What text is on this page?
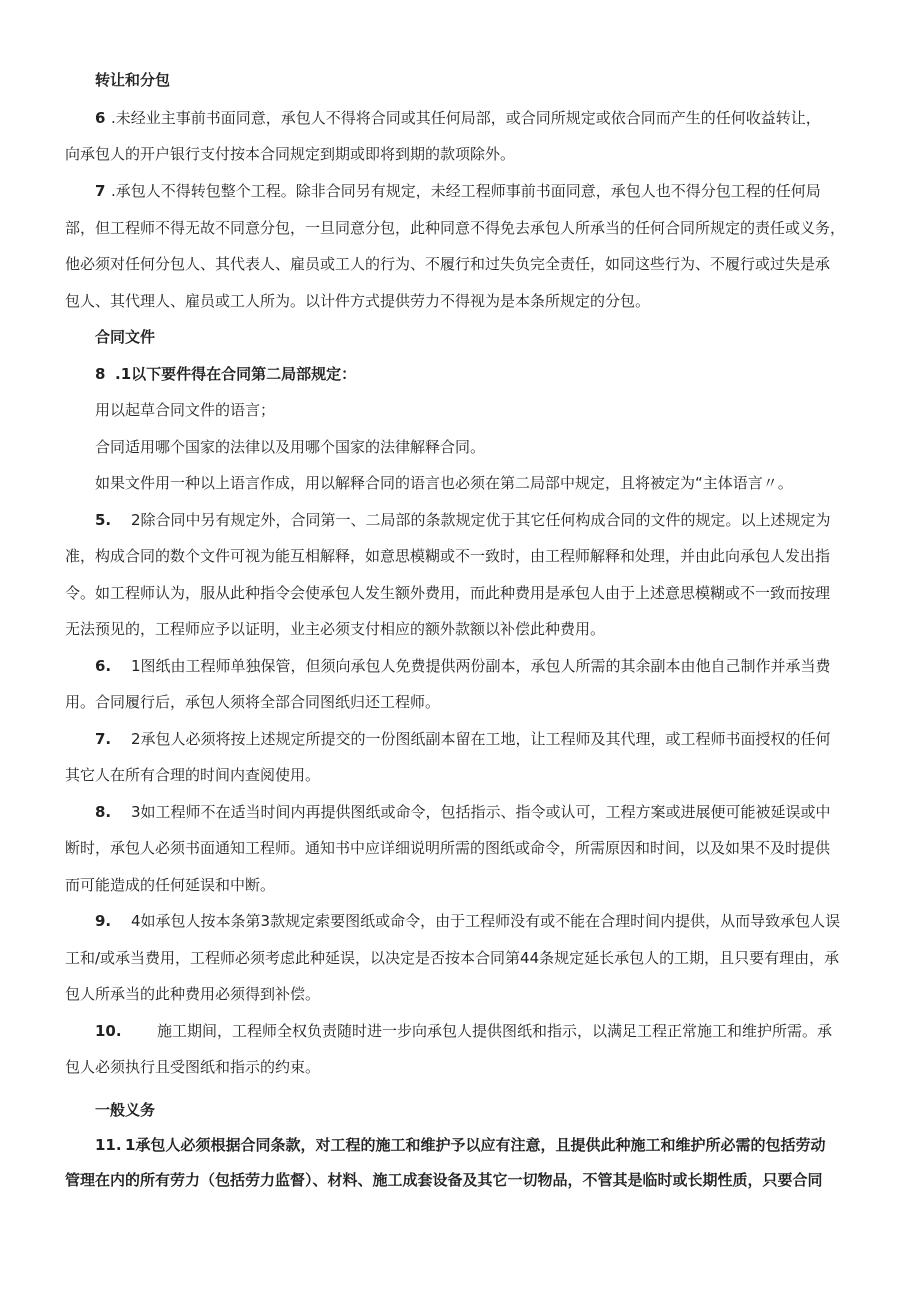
转让和分包
6 .未经业主事前书面同意，承包人不得将合同或其任何局部，或合同所规定或依合同而产生的任何收益转让，
向承包人的开户银行支付按本合同规定到期或即将到期的款项除外。
7 .承包人不得转包整个工程。除非合同另有规定，未经工程师事前书面同意，承包人也不得分包工程的任何局
部，但工程师不得无故不同意分包，一旦同意分包，此种同意不得免去承包人所承当的任何合同所规定的责任或义务，
他必须对任何分包人、其代表人、雇员或工人的行为、不履行和过失负完全责任，如同这些行为、不履行或过失是承
包人、其代理人、雇员或工人所为。以计件方式提供劳力不得视为是本条所规定的分包。
合同文件
8 .1以下要件得在合同第二局部规定：
用以起草合同文件的语言；
合同适用哪个国家的法律以及用哪个国家的法律解释合同。
如果文件用一种以上语言作成，用以解释合同的语言也必须在第二局部中规定，且将被定为“主体语言〃。
5. 2除合同中另有规定外，合同第一、二局部的条款规定优于其它任何构成合同的文件的规定。以上述规定为
准，构成合同的数个文件可视为能互相解释，如意思模糊或不一致时，由工程师解释和处理，并由此向承包人发出指
令。如工程师认为，服从此种指令会使承包人发生额外费用，而此种费用是承包人由于上述意思模糊或不一致而按理
无法预见的，工程师应予以证明，业主必须支付相应的额外款额以补偿此种费用。
6. 1图纸由工程师单独保管，但须向承包人免费提供两份副本，承包人所需的其余副本由他自己制作并承当费
用。合同履行后，承包人须将全部合同图纸归还工程师。
7. 2承包人必须将按上述规定所提交的一份图纸副本留在工地，让工程师及其代理，或工程师书面授权的任何
其它人在所有合理的时间内查阅使用。
8. 3如工程师不在适当时间内再提供图纸或命令，包括指示、指令或认可，工程方案或进展便可能被延误或中
断时，承包人必须书面通知工程师。通知书中应详细说明所需的图纸或命令，所需原因和时间，以及如果不及时提供
而可能造成的任何延误和中断。
9. 4如承包人按本条第3款规定索要图纸或命令，由于工程师没有或不能在合理时间内提供，从而导致承包人误
工和/或承当费用，工程师必须考虑此种延误，以决定是否按本合同第44条规定延长承包人的工期，且只要有理由，承
包人所承当的此种费用必须得到补偿。
10. 施工期间，工程师全权负责随时进一步向承包人提供图纸和指示，以满足工程正常施工和维护所需。承
包人必须执行且受图纸和指示的约束。
一般义务
11. 1承包人必须根据合同条款，对工程的施工和维护予以应有注意，且提供此种施工和维护所必需的包括劳动
管理在内的所有劳力（包括劳力监督）、材料、施工成套设备及其它一切物品，不管其是临时或长期性质，只要合同
